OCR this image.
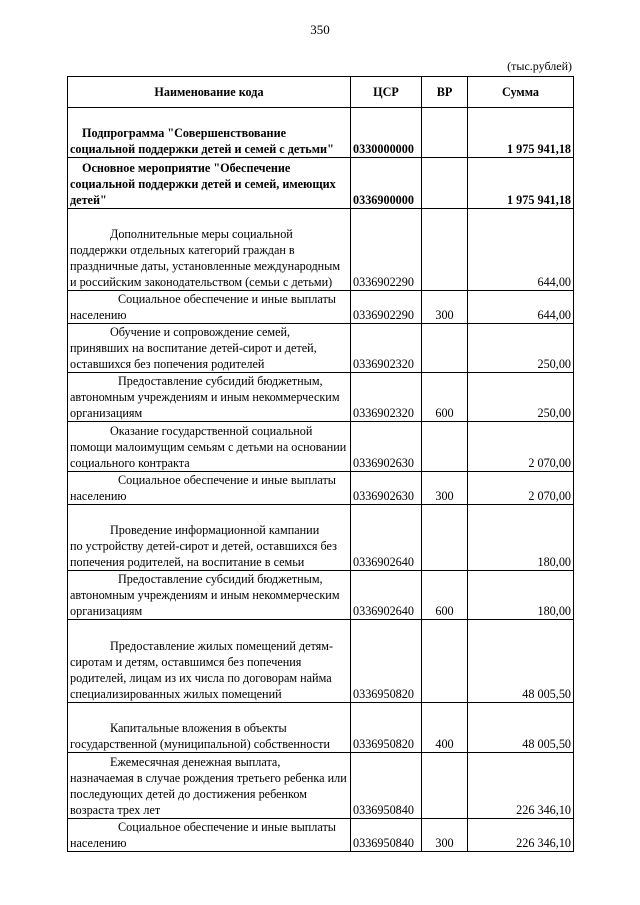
350
(тыс.рублей)
Наименование кода	ЦСР	ВР	Сумма

Подпрограмма "Совершенствование
социальной поддержки детей и семей с детьми"	0330000000		1 975 941,18

Основное мероприятие "Обеспечение
социальной поддержки детей и семей, имеющих детей"	0336900000		1 975 941,18

Дополнительные меры социальной
поддержки отдельных категорий граждан в праздничные даты, установленные международным и российским законодательством (семьи с детьми)	0336902290		644,00

Социальное обеспечение и иные выплаты
населению	0336902290	300	644,00

Обучение и сопровождение семей,
принявших на воспитание детей-сирот и детей, оставшихся без попечения родителей	0336902320		250,00

Предоставление субсидий бюджетным,
автономным учреждениям и иным некоммерческим организациям	0336902320	600	250,00

Оказание государственной социальной
помощи малоимущим семьям с детьми на основании социального контракта	0336902630		2 070,00

Социальное обеспечение и иные выплаты
населению	0336902630	300	2 070,00

Проведение информационной кампании
по устройству детей-сирот и детей, оставшихся без попечения родителей, на воспитание в семьи	0336902640		180,00

Предоставление субсидий бюджетным,
автономным учреждениям и иным некоммерческим организациям	0336902640	600	180,00

Предоставление жилых помещений детям-
сиротам и детям, оставшимся без попечения родителей, лицам из их числа по договорам найма специализированных жилых помещений	0336950820		48 005,50

Капитальные вложения в объекты
государственной (муниципальной) собственности	0336950820	400	48 005,50

Ежемесячная денежная выплата,
назначаемая в случае рождения третьего ребенка или последующих детей до достижения ребенком возраста трех лет	0336950840		226 346,10

Социальное обеспечение и иные выплаты
населению	0336950840	300	226 346,10
